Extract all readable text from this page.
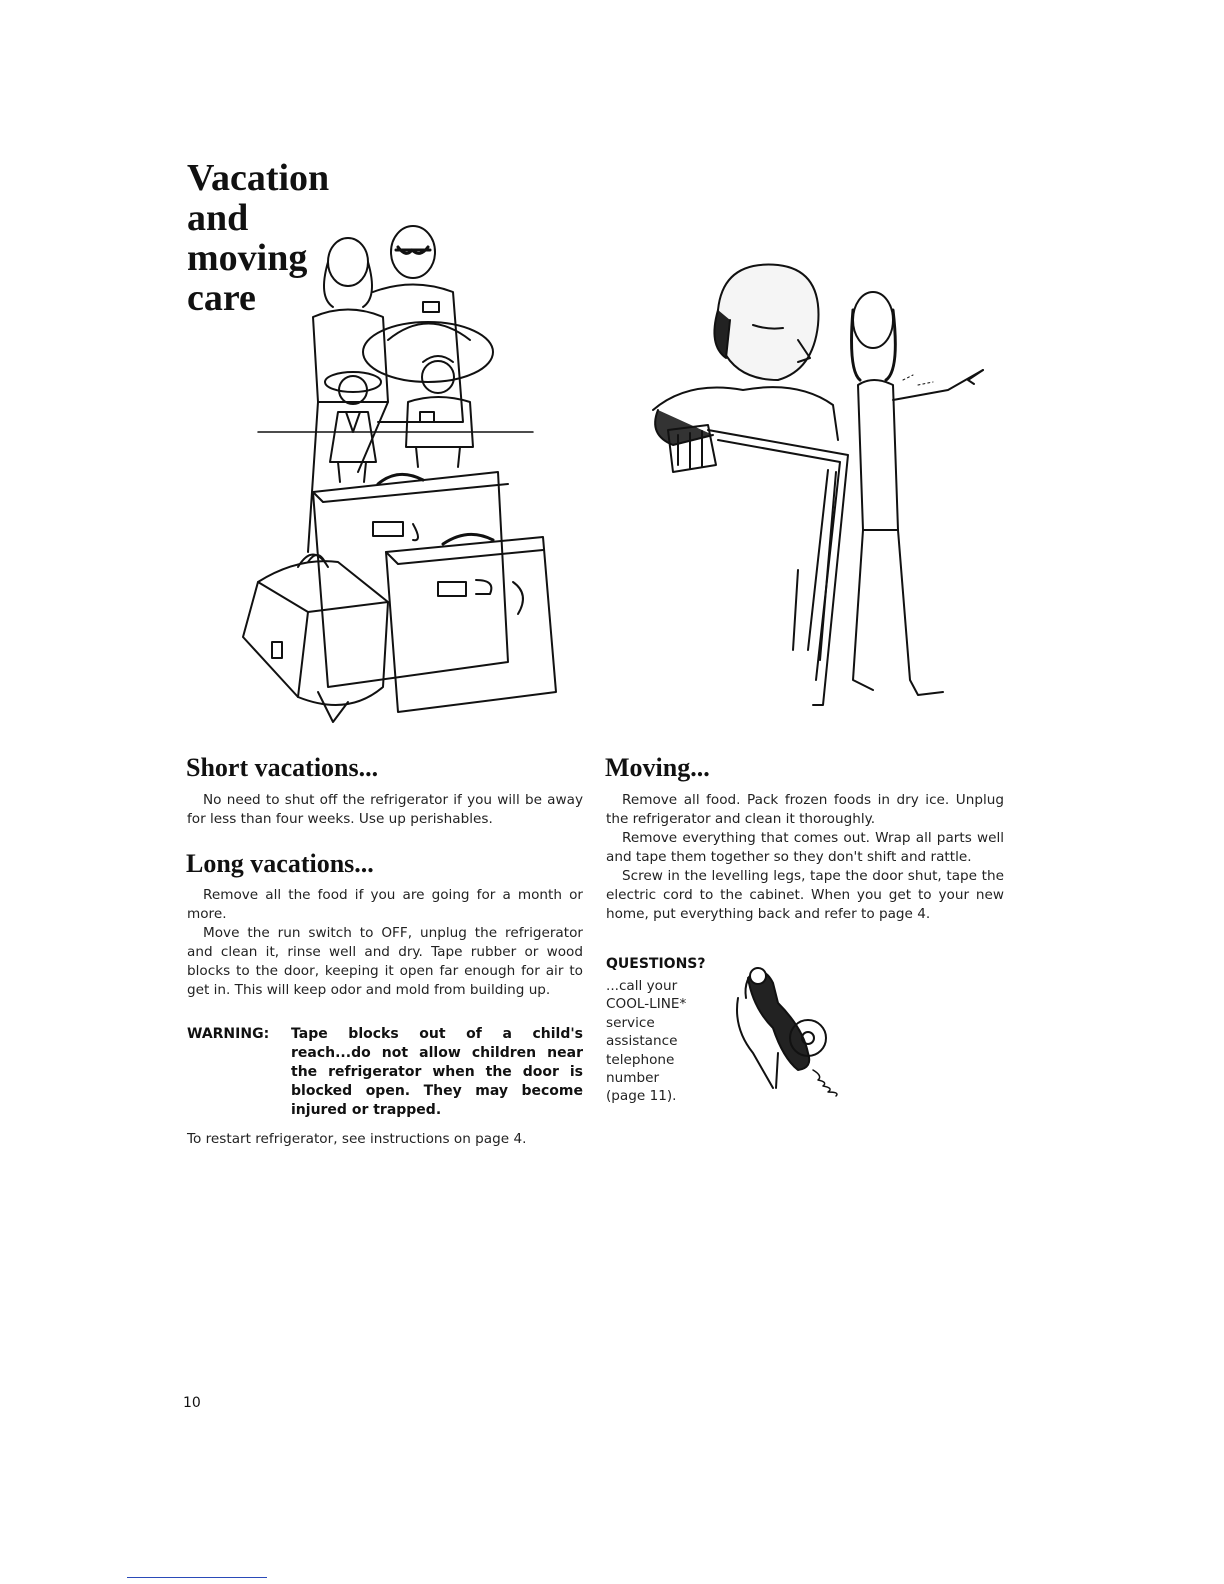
Vacation
and
moving
care
Short vacations...

No need to shut off the refrigerator if you will be away for less than four weeks. Use up perishables.

Long vacations...

Remove all the food if you are going for a month or more.

Move the run switch to OFF, unplug the refrigerator and clean it, rinse well and dry. Tape rubber or wood blocks to the door, keeping it open far enough for air to get in. This will keep odor and mold from building up.

WARNING: Tape blocks out of a child's reach...do not allow children near the refrigerator when the door is blocked open. They may become injured or trapped.
To restart refrigerator, see instructions on page 4.
Moving...

Remove all food. Pack frozen foods in dry ice. Unplug the refrigerator and clean it thoroughly.

Remove everything that comes out. Wrap all parts well and tape them together so they don't shift and rattle.

Screw in the levelling legs, tape the door shut, tape the electric cord to the cabinet. When you get to your new home, put everything back and refer to page 4.

QUESTIONS?
...call your
COOL-LINE*
service
assistance
telephone
number
(page 11).
10
